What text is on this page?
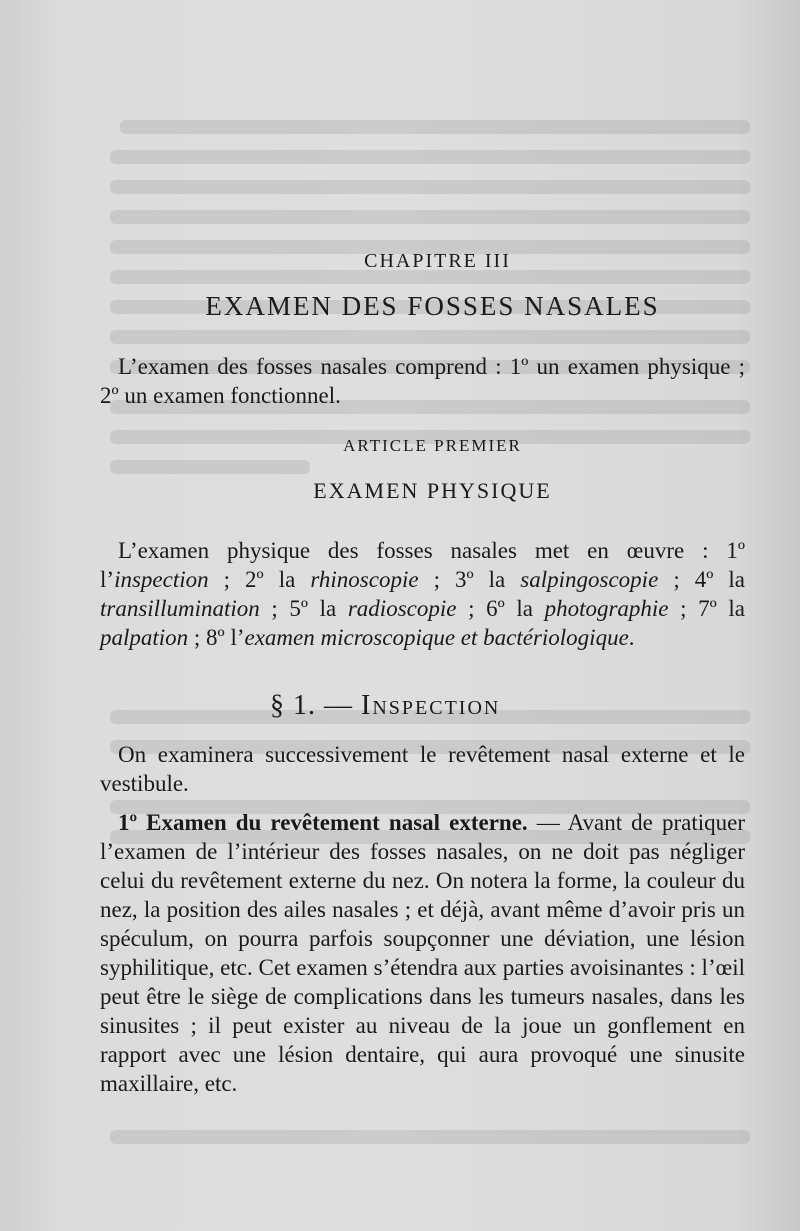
CHAPITRE III
EXAMEN DES FOSSES NASALES

L’examen des fosses nasales comprend : 1º un examen physique ; 2º un examen fonctionnel.

ARTICLE PREMIER
EXAMEN PHYSIQUE

L’examen physique des fosses nasales met en œuvre : 1º l’inspection ; 2º la rhinoscopie ; 3º la salpingoscopie ; 4º la transillumination ; 5º la radioscopie ; 6º la photographie ; 7º la palpation ; 8º l’examen microscopique et bactériologique.

§ 1. — Inspection

On examinera successivement le revêtement nasal externe et le vestibule.

1º Examen du revêtement nasal externe. — Avant de pratiquer l’examen de l’intérieur des fosses nasales, on ne doit pas négliger celui du revêtement externe du nez. On notera la forme, la couleur du nez, la position des ailes nasales ; et déjà, avant même d’avoir pris un spéculum, on pourra parfois soupçonner une déviation, une lésion syphilitique, etc. Cet examen s’étendra aux parties avoisinantes : l’œil peut être le siège de complications dans les tumeurs nasales, dans les sinusites ; il peut exister au niveau de la joue un gonflement en rapport avec une lésion dentaire, qui aura provoqué une sinusite maxillaire, etc.
